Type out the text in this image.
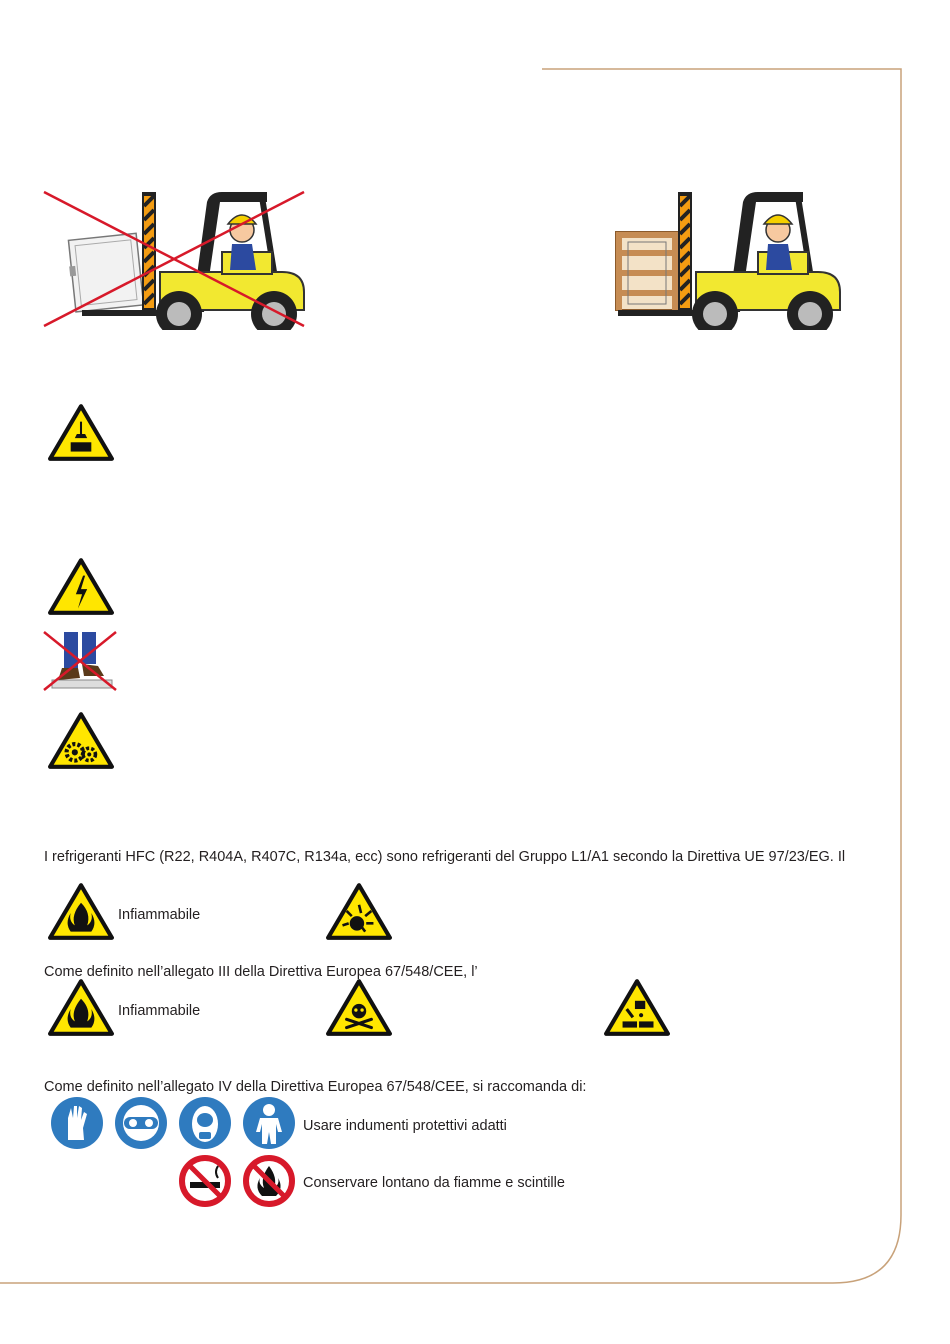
I refrigeranti HFC (R22, R404A, R407C, R134a, ecc) sono refrigeranti del Gruppo L1/A1 secondo la Direttiva UE 97/23/EG. Il
Infiammabile
Come definito nell’allegato III della Direttiva Europea 67/548/CEE, l’
Infiammabile
Come definito nell’allegato IV della Direttiva Europea 67/548/CEE, si raccomanda di:
Usare indumenti protettivi adatti
Conservare lontano da fiamme e scintille
